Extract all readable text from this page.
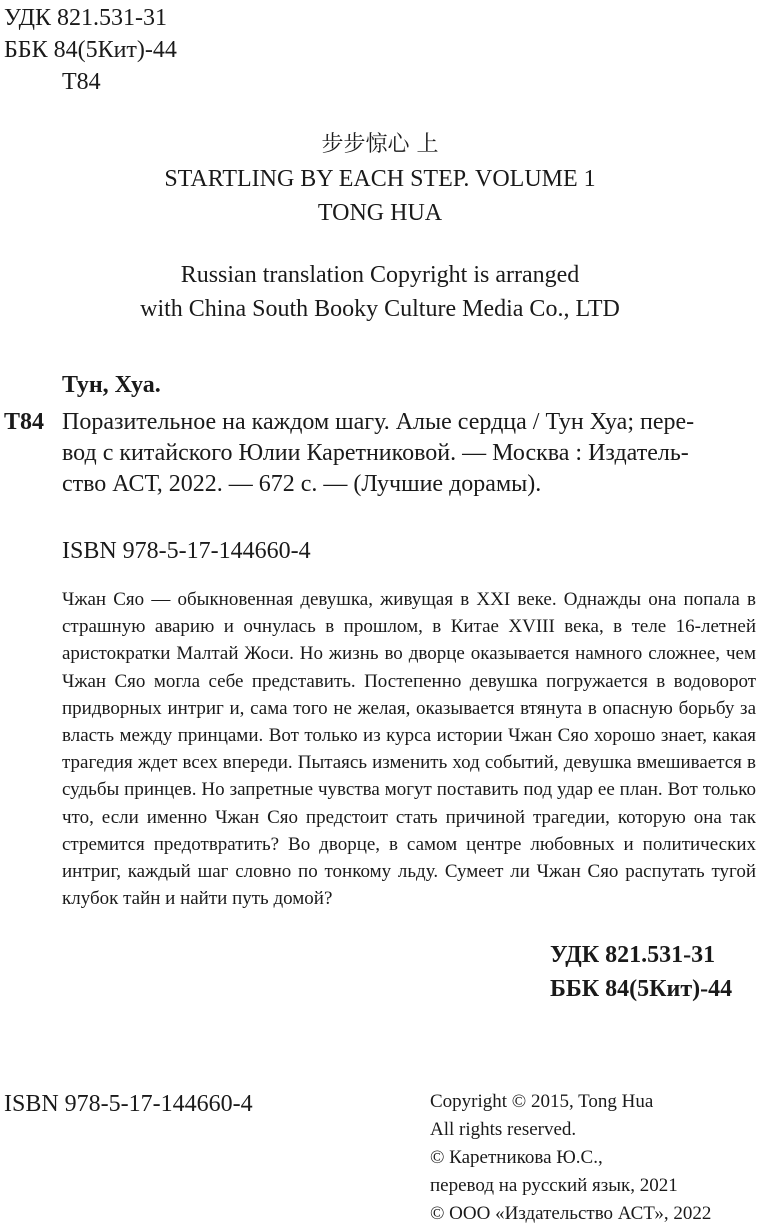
УДК 821.531-31
ББК 84(5Кит)-44
Т84
步步惊心 上
STARTLING BY EACH STEP. VOLUME 1
TONG HUA
Russian translation Copyright is arranged
with China South Booky Culture Media Co., LTD
Тун, Хуа.
Т84 Поразительное на каждом шагу. Алые сердца / Тун Хуа; пере-
вод с китайского Юлии Каретниковой. — Москва : Издатель-
ство АСТ, 2022. — 672 с. — (Лучшие дорамы).
ISBN 978-5-17-144660-4

Чжан Сяо — обыкновенная девушка, живущая в XXI веке. Однажды она попала в страшную аварию и очнулась в прошлом, в Китае XVIII века, в теле 16-летней аристократки Малтай Жоси. Но жизнь во дворце оказывается намного сложнее, чем Чжан Сяо могла себе представить. Постепенно девушка погружается в водоворот придворных интриг и, сама того не желая, оказывается втянута в опасную борьбу за власть между принцами. Вот только из курса истории Чжан Сяо хорошо знает, какая трагедия ждет всех впереди. Пытаясь изменить ход событий, девушка вмешивается в судьбы принцев. Но запретные чувства могут поставить под удар ее план. Вот только что, если именно Чжан Сяо предстоит стать причиной трагедии, которую она так стремится предотвратить? Во дворце, в самом центре любовных и политических интриг, каждый шаг словно по тонкому льду. Сумеет ли Чжан Сяо распутать тугой клубок тайн и найти путь домой?

УДК 821.531-31
ББК 84(5Кит)-44
ISBN 978-5-17-144660-4	Copyright © 2015, Tong Hua
All rights reserved.
© Каретникова Ю.С.,
перевод на русский язык, 2021
© ООО «Издательство АСТ», 2022
